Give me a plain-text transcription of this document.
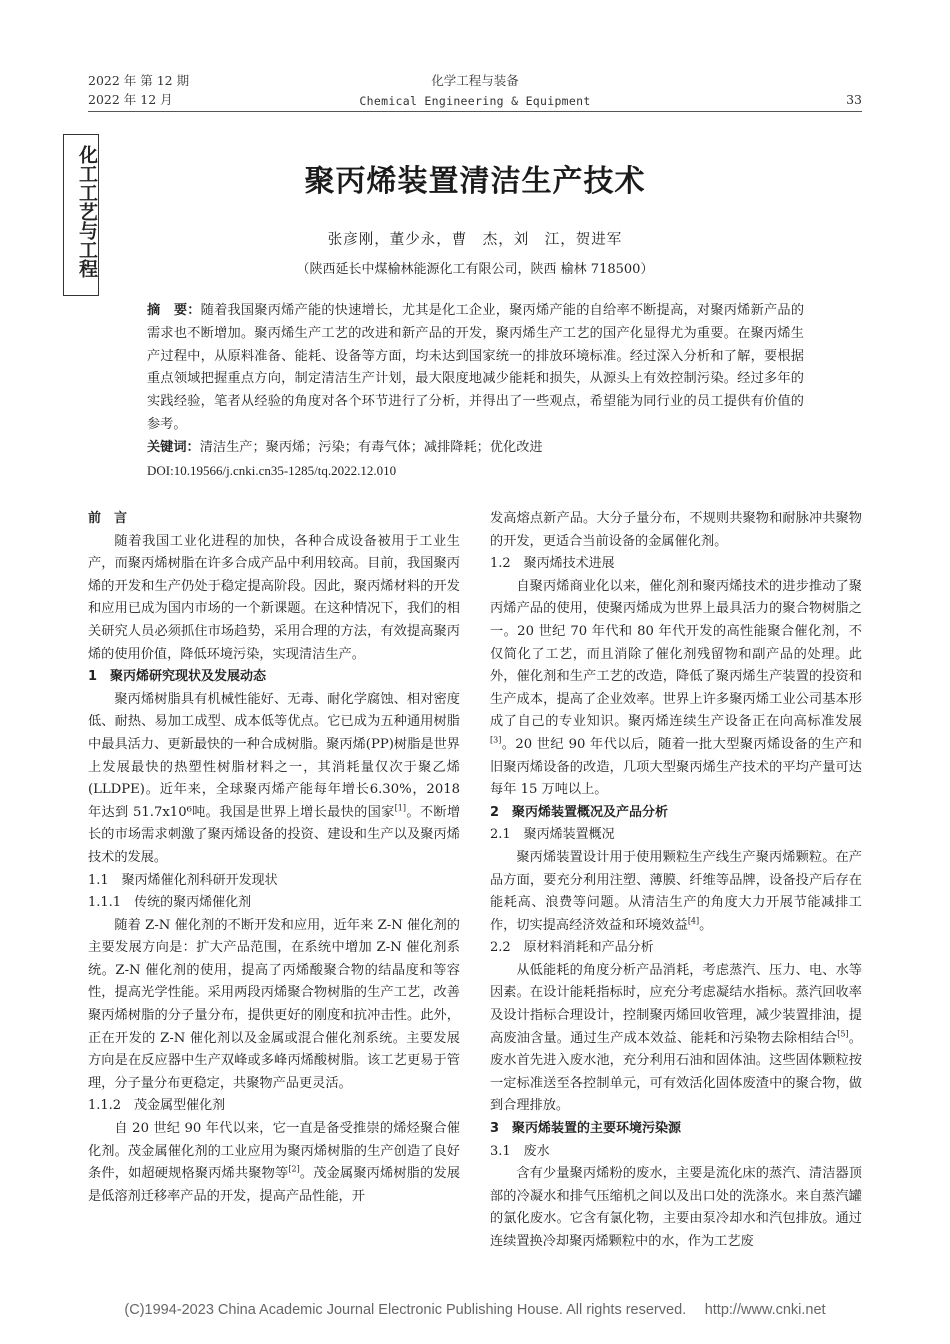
2022 年 第 12 期
2022 年 12 月
化学工程与装备
Chemical Engineering & Equipment	33
化工工艺与工程	聚丙烯装置清洁生产技术
张彦刚，董少永，曹　杰，刘　江，贺进军
（陕西延长中煤榆林能源化工有限公司，陕西 榆林 718500）
摘　要：随着我国聚丙烯产能的快速增长，尤其是化工企业，聚丙烯产能的自给率不断提高，对聚丙烯新产品的需求也不断增加。聚丙烯生产工艺的改进和新产品的开发，聚丙烯生产工艺的国产化显得尤为重要。在聚丙烯生产过程中，从原料准备、能耗、设备等方面，均未达到国家统一的排放环境标准。经过深入分析和了解，要根据重点领域把握重点方向，制定清洁生产计划，最大限度地减少能耗和损失，从源头上有效控制污染。经过多年的实践经验，笔者从经验的角度对各个环节进行了分析，并得出了一些观点，希望能为同行业的员工提供有价值的参考。
关键词：清洁生产；聚丙烯；污染；有毒气体；减排降耗；优化改进
DOI:10.19566/j.cnki.cn35-1285/tq.2022.12.010

前　言

随着我国工业化进程的加快，各种合成设备被用于工业生产，而聚丙烯树脂在许多合成产品中利用较高。目前，我国聚丙烯的开发和生产仍处于稳定提高阶段。因此，聚丙烯材料的开发和应用已成为国内市场的一个新课题。在这种情况下，我们的相关研究人员必须抓住市场趋势，采用合理的方法，有效提高聚丙烯的使用价值，降低环境污染，实现清洁生产。

1　聚丙烯研究现状及发展动态

聚丙烯树脂具有机械性能好、无毒、耐化学腐蚀、相对密度低、耐热、易加工成型、成本低等优点。它已成为五种通用树脂中最具活力、更新最快的一种合成树脂。聚丙烯(PP)树脂是世界上发展最快的热塑性树脂材料之一，其消耗量仅次于聚乙烯(LLDPE)。近年来，全球聚丙烯产能每年增长6.30%，2018 年达到 51.7x10⁶吨。我国是世界上增长最快的国家[1]。不断增长的市场需求刺激了聚丙烯设备的投资、建设和生产以及聚丙烯技术的发展。

1.1　聚丙烯催化剂科研开发现状

1.1.1　传统的聚丙烯催化剂

随着 Z-N 催化剂的不断开发和应用，近年来 Z-N 催化剂的主要发展方向是：扩大产品范围，在系统中增加 Z-N 催化剂系统。Z-N 催化剂的使用，提高了丙烯酸聚合物的结晶度和等容性，提高光学性能。采用两段丙烯聚合物树脂的生产工艺，改善聚丙烯树脂的分子量分布，提供更好的刚度和抗冲击性。此外，正在开发的 Z-N 催化剂以及金属或混合催化剂系统。主要发展方向是在反应器中生产双峰或多峰丙烯酸树脂。该工艺更易于管理，分子量分布更稳定，共聚物产品更灵活。

1.1.2　茂金属型催化剂

自 20 世纪 90 年代以来，它一直是备受推崇的烯烃聚合催化剂。茂金属催化剂的工业应用为聚丙烯树脂的生产创造了良好条件，如超硬规格聚丙烯共聚物等[2]。茂金属聚丙烯树脂的发展是低溶剂迁移率产品的开发，提高产品性能，开

发高熔点新产品。大分子量分布，不规则共聚物和耐脉冲共聚物的开发，更适合当前设备的金属催化剂。

1.2　聚丙烯技术进展

自聚丙烯商业化以来，催化剂和聚丙烯技术的进步推动了聚丙烯产品的使用，使聚丙烯成为世界上最具活力的聚合物树脂之一。20 世纪 70 年代和 80 年代开发的高性能聚合催化剂，不仅简化了工艺，而且消除了催化剂残留物和副产品的处理。此外，催化剂和生产工艺的改造，降低了聚丙烯生产装置的投资和生产成本，提高了企业效率。世界上许多聚丙烯工业公司基本形成了自己的专业知识。聚丙烯连续生产设备正在向高标准发展[3]。20 世纪 90 年代以后，随着一批大型聚丙烯设备的生产和旧聚丙烯设备的改造，几项大型聚丙烯生产技术的平均产量可达每年 15 万吨以上。

2　聚丙烯装置概况及产品分析

2.1　聚丙烯装置概况

聚丙烯装置设计用于使用颗粒生产线生产聚丙烯颗粒。在产品方面，要充分利用注塑、薄膜、纤维等品牌，设备投产后存在能耗高、浪费等问题。从清洁生产的角度大力开展节能减排工作，切实提高经济效益和环境效益[4]。

2.2　原材料消耗和产品分析

从低能耗的角度分析产品消耗，考虑蒸汽、压力、电、水等因素。在设计能耗指标时，应充分考虑凝结水指标。蒸汽回收率及设计指标合理设计，控制聚丙烯回收管理，减少装置排油，提高废油含量。通过生产成本效益、能耗和污染物去除相结合[5]。废水首先进入废水池，充分利用石油和固体油。这些固体颗粒按一定标准送至各控制单元，可有效活化固体废渣中的聚合物，做到合理排放。

3　聚丙烯装置的主要环境污染源

3.1　废水

含有少量聚丙烯粉的废水，主要是流化床的蒸汽、清洁器顶部的冷凝水和排气压缩机之间以及出口处的洗涤水。来自蒸汽罐的氯化废水。它含有氯化物，主要由泵冷却水和汽包排放。通过连续置换冷却聚丙烯颗粒中的水，作为工艺废

(C)1994-2023 China Academic Journal Electronic Publishing House. All rights reserved.　 http://www.cnki.net
